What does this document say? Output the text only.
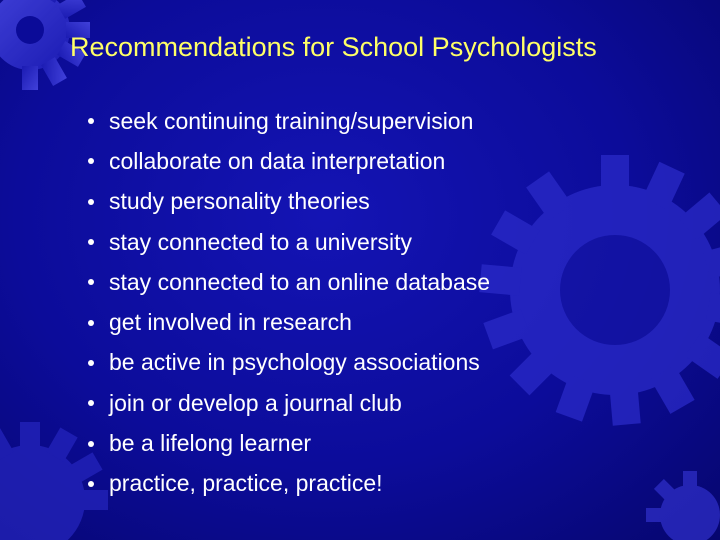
Recommendations for School Psychologists
seek continuing training/supervision
collaborate on data interpretation
study personality theories
stay connected to a university
stay connected to an online database
get involved in research
be active in psychology associations
join or develop a journal club
be a lifelong learner
practice, practice, practice!
